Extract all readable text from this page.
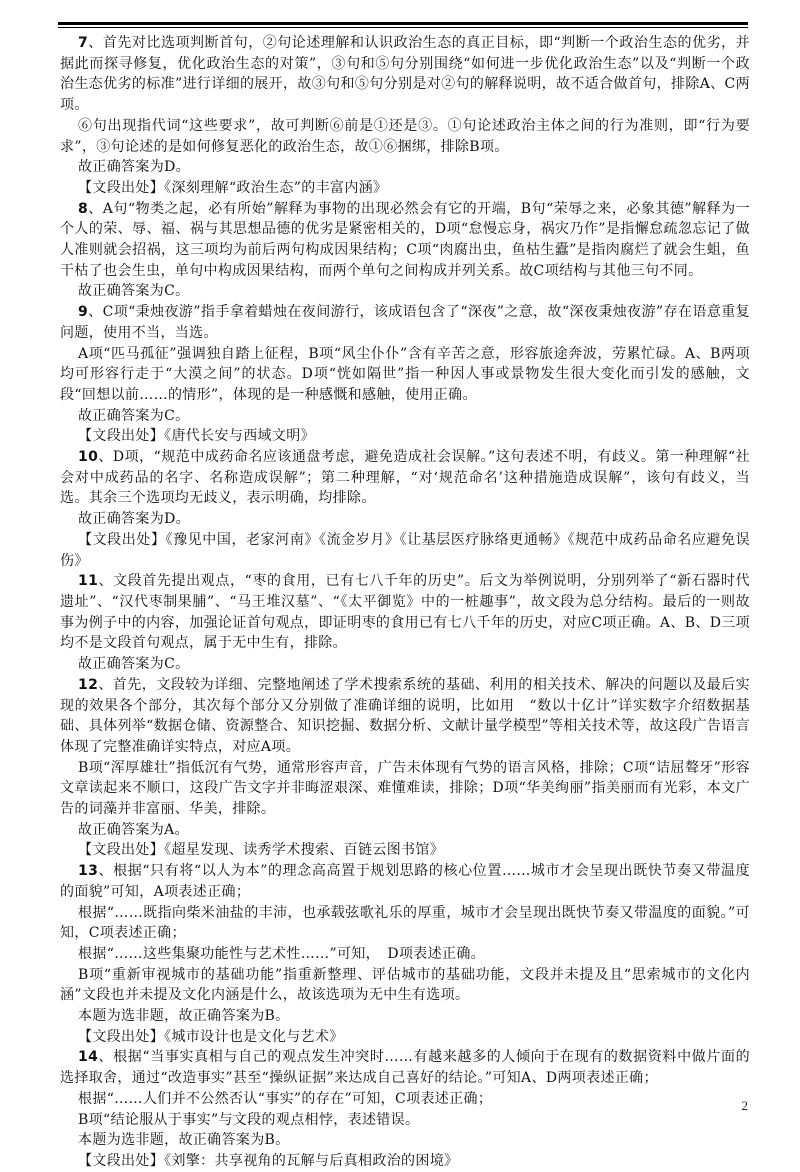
7、首先对比选项判断首句，②句论述理解和认识政治生态的真正目标，即“判断一个政治生态的优劣，并据此而探寻修复，优化政治生态的对策”，③句和⑤句分别围绕“如何进一步优化政治生态”以及“判断一个政治生态优劣的标准”进行详细的展开，故③句和⑤句分别是对②句的解释说明，故不适合做首句，排除A、C两项。

⑥句出现指代词“这些要求”，故可判断⑥前是①还是③。①句论述政治主体之间的行为准则，即“行为要求”，③句论述的是如何修复恶化的政治生态，故①⑥捆绑，排除B项。

故正确答案为D。

【文段出处】《深刻理解“政治生态”的丰富内涵》

8、A句“物类之起，必有所始”解释为事物的出现必然会有它的开端，B句“荣辱之来，必象其德”解释为一个人的荣、辱、福、祸与其思想品德的优劣是紧密相关的，D项“怠慢忘身，祸灾乃作”是指懈怠疏忽忘记了做人准则就会招祸，这三项均为前后两句构成因果结构；C项“肉腐出虫，鱼枯生蠹”是指肉腐烂了就会生蛆，鱼干枯了也会生虫，单句中构成因果结构，而两个单句之间构成并列关系。故C项结构与其他三句不同。

故正确答案为C。

9、C项“秉烛夜游”指手拿着蜡烛在夜间游行，该成语包含了“深夜”之意，故“深夜秉烛夜游”存在语意重复问题，使用不当，当选。

A项“匹马孤征”强调独自踏上征程，B项“风尘仆仆”含有辛苦之意，形容旅途奔波，劳累忙碌。A、B两项均可形容行走于“大漠之间”的状态。D项“恍如隔世”指一种因人事或景物发生很大变化而引发的感触，文段“回想以前……的情形”，体现的是一种感慨和感触，使用正确。

故正确答案为C。

【文段出处】《唐代长安与西域文明》

10、D项，“规范中成药命名应该通盘考虑，避免造成社会误解。”这句表述不明，有歧义。第一种理解“社会对中成药品的名字、名称造成误解”；第二种理解，“对‘规范命名’这种措施造成误解”，该句有歧义，当选。其余三个选项均无歧义，表示明确，均排除。

故正确答案为D。

【文段出处】《豫见中国，老家河南》《流金岁月》《让基层医疗脉络更通畅》《规范中成药品命名应避免误伤》

11、文段首先提出观点，“枣的食用，已有七八千年的历史”。后文为举例说明，分别列举了“新石器时代遗址”、“汉代枣制果脯”、“马王堆汉墓”、“《太平御览》中的一桩趣事”，故文段为总分结构。最后的一则故事为例子中的内容，加强论证首句观点，即证明枣的食用已有七八千年的历史，对应C项正确。A、B、D三项均不是文段首句观点，属于无中生有，排除。

故正确答案为C。

12、首先，文段较为详细、完整地阐述了学术搜索系统的基础、利用的相关技术、解决的问题以及最后实现的效果各个部分，其次每个部分又分别做了准确详细的说明，比如用　“数以十亿计”详实数字介绍数据基础、具体列举“数据仓储、资源整合、知识挖掘、数据分析、文献计量学模型”等相关技术等，故这段广告语言体现了完整准确详实特点，对应A项。

B项“浑厚雄壮”指低沉有气势，通常形容声音，广告未体现有气势的语言风格，排除；C项“诘屈聱牙”形容文章读起来不顺口，这段广告文字并非晦涩艰深、难懂难读，排除；D项“华美绚丽”指美丽而有光彩，本文广告的词藻并非富丽、华美，排除。

故正确答案为A。

【文段出处】《超星发现、读秀学术搜索、百链云图书馆》

13、根据“只有将“以人为本”的理念高高置于规划思路的核心位置……城市才会呈现出既快节奏又带温度的面貌”可知，A项表述正确；

根据“……既指向柴米油盐的丰沛，也承载弦歌礼乐的厚重，城市才会呈现出既快节奏又带温度的面貌。”可知，C项表述正确；

根据“……这些集聚功能性与艺术性……”可知，　D项表述正确。

B项“重新审视城市的基础功能”指重新整理、评估城市的基础功能，文段并未提及且“思索城市的文化内涵”文段也并未提及文化内涵是什么，故该选项为无中生有选项。

本题为选非题，故正确答案为B。

【文段出处】《城市设计也是文化与艺术》

14、根据“当事实真相与自己的观点发生冲突时……有越来越多的人倾向于在现有的数据资料中做片面的选择取舍，通过“改造事实”甚至“操纵证据”来达成自己喜好的结论。”可知A、D两项表述正确；

根据“……人们并不公然否认“事实”的存在”可知，C项表述正确；

B项“结论服从于事实”与文段的观点相悖，表述错误。

本题为选非题，故正确答案为B。

【文段出处】《刘擎：共享视角的瓦解与后真相政治的困境》

2
